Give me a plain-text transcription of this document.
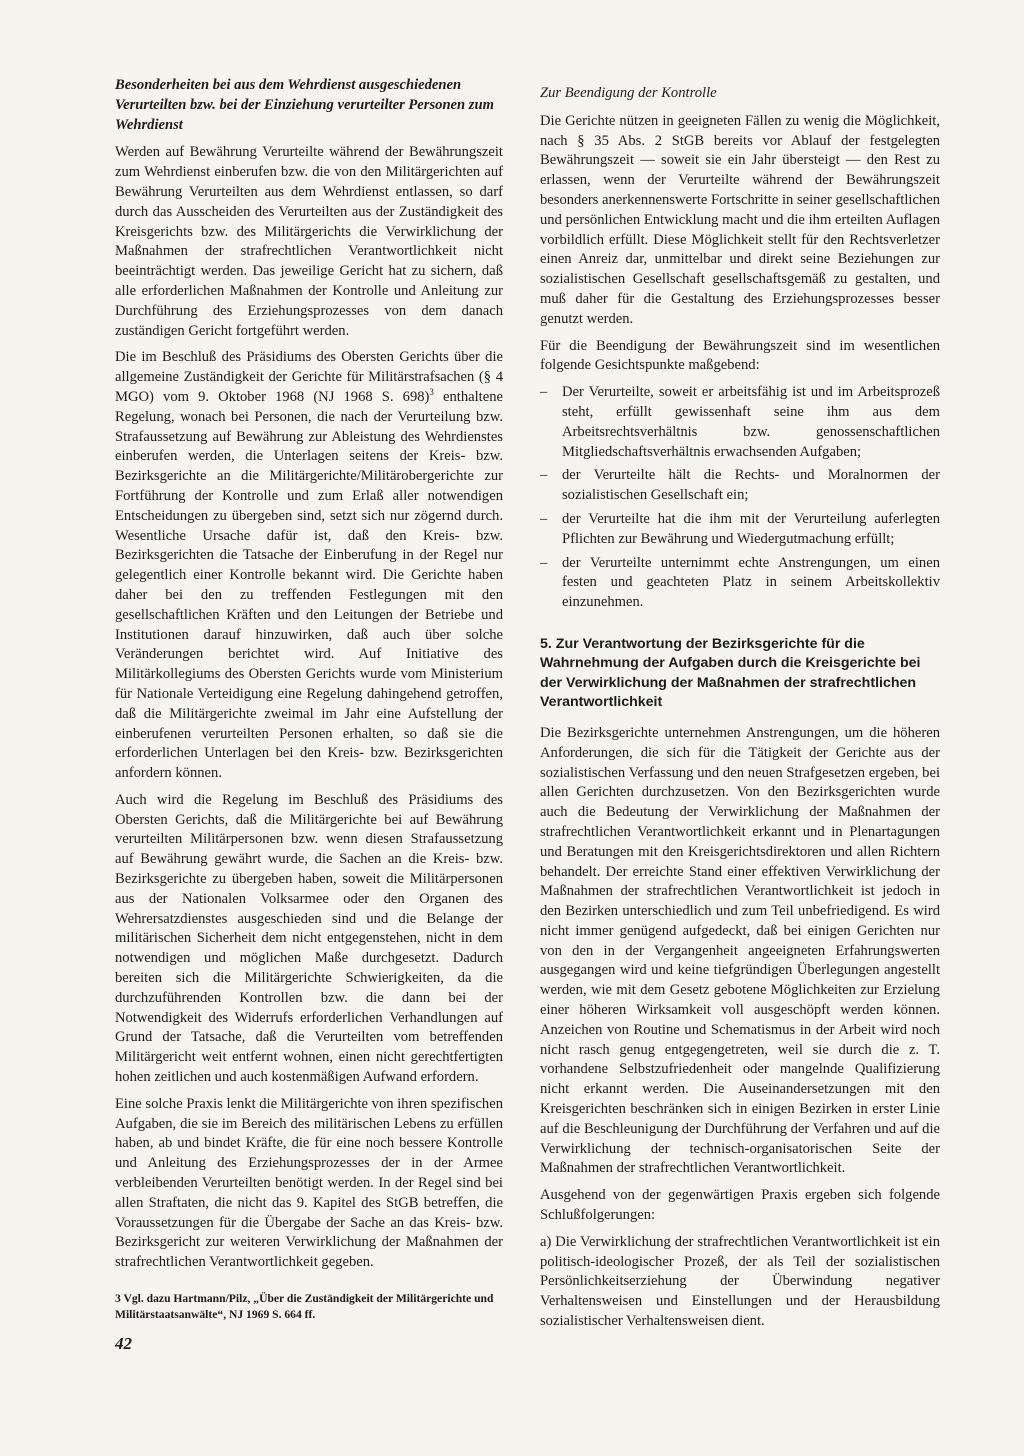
Besonderheiten bei aus dem Wehrdienst ausgeschiedenen Verurteilten bzw. bei der Einziehung verurteilter Personen zum Wehrdienst

Werden auf Bewährung Verurteilte während der Bewährungszeit zum Wehrdienst einberufen bzw. die von den Militärgerichten auf Bewährung Verurteilten aus dem Wehrdienst entlassen, so darf durch das Ausscheiden des Verurteilten aus der Zuständigkeit des Kreisgerichts bzw. des Militärgerichts die Verwirklichung der Maßnahmen der strafrechtlichen Verantwortlichkeit nicht beeinträchtigt werden. Das jeweilige Gericht hat zu sichern, daß alle erforderlichen Maßnahmen der Kontrolle und Anleitung zur Durchführung des Erziehungsprozesses von dem danach zuständigen Gericht fortgeführt werden.

Die im Beschluß des Präsidiums des Obersten Gerichts über die allgemeine Zuständigkeit der Gerichte für Militärstrafsachen (§ 4 MGO) vom 9. Oktober 1968 (NJ 1968 S. 698)$^3$ enthaltene Regelung, wonach bei Personen, die nach der Verurteilung bzw. Strafaussetzung auf Bewährung zur Ableistung des Wehrdienstes einberufen werden, die Unterlagen seitens der Kreis- bzw. Bezirksgerichte an die Militärgerichte/Militärobergerichte zur Fortführung der Kontrolle und zum Erlaß aller notwendigen Entscheidungen zu übergeben sind, setzt sich nur zögernd durch. Wesentliche Ursache dafür ist, daß den Kreis- bzw. Bezirksgerichten die Tatsache der Einberufung in der Regel nur gelegentlich einer Kontrolle bekannt wird. Die Gerichte haben daher bei den zu treffenden Festlegungen mit den gesellschaftlichen Kräften und den Leitungen der Betriebe und Institutionen darauf hinzuwirken, daß auch über solche Veränderungen berichtet wird. Auf Initiative des Militärkollegiums des Obersten Gerichts wurde vom Ministerium für Nationale Verteidigung eine Regelung dahingehend getroffen, daß die Militärgerichte zweimal im Jahr eine Aufstellung der einberufenen verurteilten Personen erhalten, so daß sie die erforderlichen Unterlagen bei den Kreis- bzw. Bezirksgerichten anfordern können.

Auch wird die Regelung im Beschluß des Präsidiums des Obersten Gerichts, daß die Militärgerichte bei auf Bewährung verurteilten Militärpersonen bzw. wenn diesen Strafaussetzung auf Bewährung gewährt wurde, die Sachen an die Kreis- bzw. Bezirksgerichte zu übergeben haben, soweit die Militärpersonen aus der Nationalen Volksarmee oder den Organen des Wehrersatzdienstes ausgeschieden sind und die Belange der militärischen Sicherheit dem nicht entgegenstehen, nicht in dem notwendigen und möglichen Maße durchgesetzt. Dadurch bereiten sich die Militärgerichte Schwierigkeiten, da die durchzuführenden Kontrollen bzw. die dann bei der Notwendigkeit des Widerrufs erforderlichen Verhandlungen auf Grund der Tatsache, daß die Verurteilten vom betreffenden Militärgericht weit entfernt wohnen, einen nicht gerechtfertigten hohen zeitlichen und auch kostenmäßigen Aufwand erfordern.

Eine solche Praxis lenkt die Militärgerichte von ihren spezifischen Aufgaben, die sie im Bereich des militärischen Lebens zu erfüllen haben, ab und bindet Kräfte, die für eine noch bessere Kontrolle und Anleitung des Erziehungsprozesses der in der Armee verbleibenden Verurteilten benötigt werden. In der Regel sind bei allen Straftaten, die nicht das 9. Kapitel des StGB betreffen, die Voraussetzungen für die Übergabe der Sache an das Kreis- bzw. Bezirksgericht zur weiteren Verwirklichung der Maßnahmen der strafrechtlichen Verantwortlichkeit gegeben.

3 Vgl. dazu Hartmann/Pilz, „Über die Zuständigkeit der Militärgerichte und Militärstaatsanwälte“, NJ 1969 S. 664 ff.
Zur Beendigung der Kontrolle

Die Gerichte nützen in geeigneten Fällen zu wenig die Möglichkeit, nach § 35 Abs. 2 StGB bereits vor Ablauf der festgelegten Bewährungszeit — soweit sie ein Jahr übersteigt — den Rest zu erlassen, wenn der Verurteilte während der Bewährungszeit besonders anerkennenswerte Fortschritte in seiner gesellschaftlichen und persönlichen Entwicklung macht und die ihm erteilten Auflagen vorbildlich erfüllt. Diese Möglichkeit stellt für den Rechtsverletzer einen Anreiz dar, unmittelbar und direkt seine Beziehungen zur sozialistischen Gesellschaft gesellschaftsgemäß zu gestalten, und muß daher für die Gestaltung des Erziehungsprozesses besser genutzt werden.

Für die Beendigung der Bewährungszeit sind im wesentlichen folgende Gesichtspunkte maßgebend:

– Der Verurteilte, soweit er arbeitsfähig ist und im Arbeitsprozeß steht, erfüllt gewissenhaft seine ihm aus dem Arbeitsrechtsverhältnis bzw. genossenschaftlichen Mitgliedschaftsverhältnis erwachsenden Aufgaben;
– der Verurteilte hält die Rechts- und Moralnormen der sozialistischen Gesellschaft ein;
– der Verurteilte hat die ihm mit der Verurteilung auferlegten Pflichten zur Bewährung und Wiedergutmachung erfüllt;
– der Verurteilte unternimmt echte Anstrengungen, um einen festen und geachteten Platz in seinem Arbeitskollektiv einzunehmen.
5. Zur Verantwortung der Bezirksgerichte für die Wahrnehmung der Aufgaben durch die Kreisgerichte bei der Verwirklichung der Maßnahmen der strafrechtlichen Verantwortlichkeit

Die Bezirksgerichte unternehmen Anstrengungen, um die höheren Anforderungen, die sich für die Tätigkeit der Gerichte aus der sozialistischen Verfassung und den neuen Strafgesetzen ergeben, bei allen Gerichten durchzusetzen. Von den Bezirksgerichten wurde auch die Bedeutung der Verwirklichung der Maßnahmen der strafrechtlichen Verantwortlichkeit erkannt und in Plenartagungen und Beratungen mit den Kreisgerichtsdirektoren und allen Richtern behandelt. Der erreichte Stand einer effektiven Verwirklichung der Maßnahmen der strafrechtlichen Verantwortlichkeit ist jedoch in den Bezirken unterschiedlich und zum Teil unbefriedigend. Es wird nicht immer genügend aufgedeckt, daß bei einigen Gerichten nur von den in der Vergangenheit angeeigneten Erfahrungswerten ausgegangen wird und keine tiefgründigen Überlegungen angestellt werden, wie mit dem Gesetz gebotene Möglichkeiten zur Erzielung einer höheren Wirksamkeit voll ausgeschöpft werden können. Anzeichen von Routine und Schematismus in der Arbeit wird noch nicht rasch genug entgegengetreten, weil sie durch die z. T. vorhandene Selbstzufriedenheit oder mangelnde Qualifizierung nicht erkannt werden. Die Auseinandersetzungen mit den Kreisgerichten beschränken sich in einigen Bezirken in erster Linie auf die Beschleunigung der Durchführung der Verfahren und auf die Verwirklichung der technisch-organisatorischen Seite der Maßnahmen der strafrechtlichen Verantwortlichkeit.

Ausgehend von der gegenwärtigen Praxis ergeben sich folgende Schlußfolgerungen:

a) Die Verwirklichung der strafrechtlichen Verantwortlichkeit ist ein politisch-ideologischer Prozeß, der als Teil der sozialistischen Persönlichkeitserziehung der Überwindung negativer Verhaltensweisen und Einstellungen und der Herausbildung sozialistischer Verhaltensweisen dient.

42
